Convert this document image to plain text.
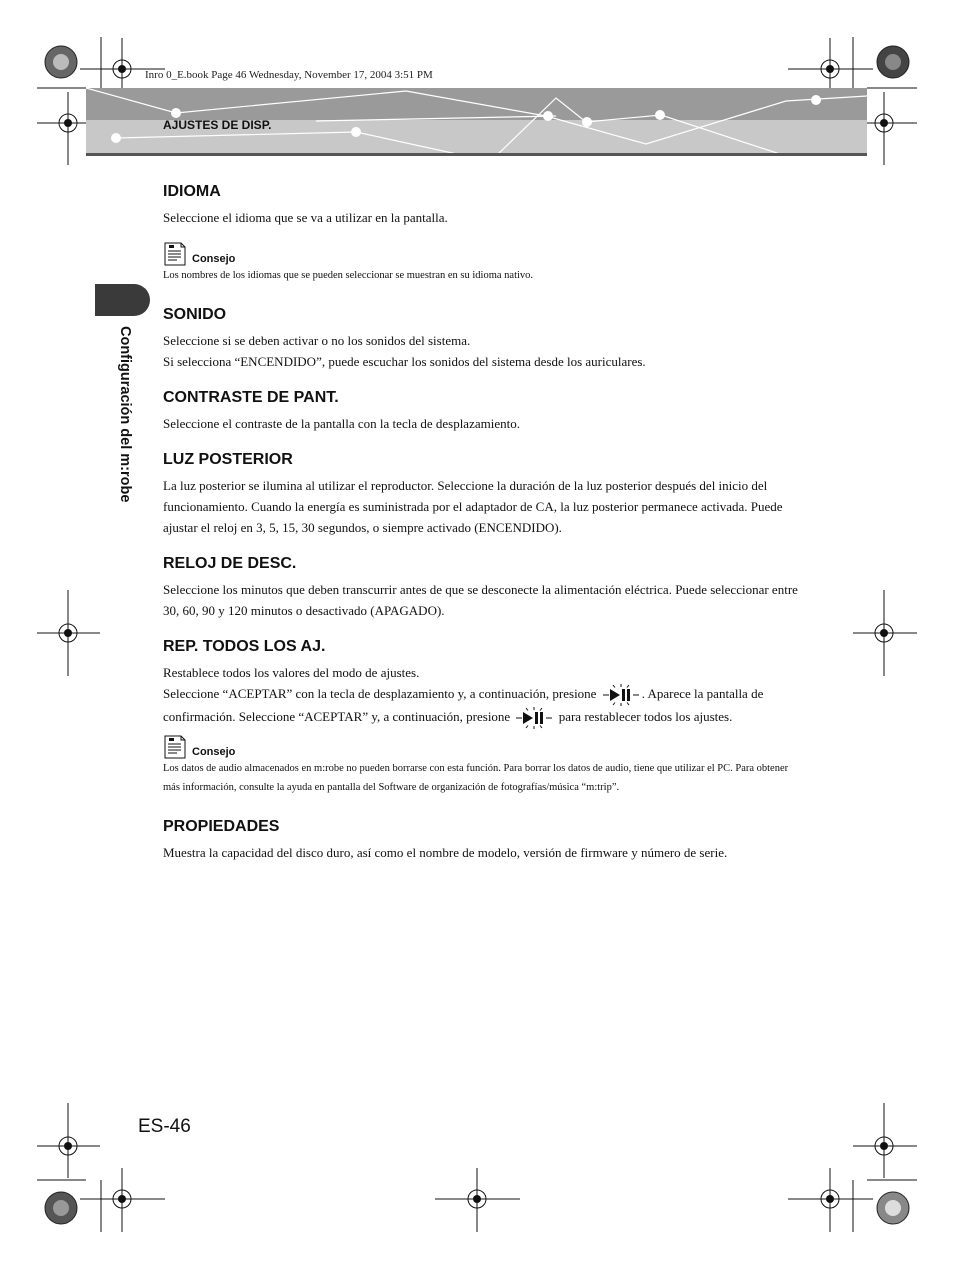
Inro 0_E.book Page 46 Wednesday, November 17, 2004 3:51 PM
AJUSTES DE DISP.
Configuración del m:robe
IDIOMA

Seleccione el idioma que se va a utilizar en la pantalla.

Consejo

Los nombres de los idiomas que se pueden seleccionar se muestran en su idioma nativo.

SONIDO

Seleccione si se deben activar o no los sonidos del sistema.

Si selecciona “ENCENDIDO”, puede escuchar los sonidos del sistema desde los auriculares.

CONTRASTE DE PANT.

Seleccione el contraste de la pantalla con la tecla de desplazamiento.

LUZ POSTERIOR

La luz posterior se ilumina al utilizar el reproductor. Seleccione la duración de la luz posterior después del inicio del funcionamiento. Cuando la energía es suministrada por el adaptador de CA, la luz posterior permanece activada. Puede ajustar el reloj en 3, 5, 15, 30 segundos, o siempre activado (ENCENDIDO).

RELOJ DE DESC.

Seleccione los minutos que deben transcurrir antes de que se desconecte la alimentación eléctrica. Puede seleccionar entre 30, 60, 90 y 120 minutos o desactivado (APAGADO).

REP. TODOS LOS AJ.

Restablece todos los valores del modo de ajustes.

Seleccione “ACEPTAR” con la tecla de desplazamiento y, a continuación, presione	. Aparece la pantalla de confirmación. Seleccione “ACEPTAR” y, a continuación, presione	para restablecer todos los ajustes.

Consejo

Los datos de audio almacenados en m:robe no pueden borrarse con esta función. Para borrar los datos de audio, tiene que utilizar el PC. Para obtener más información, consulte la ayuda en pantalla del Software de organización de fotografías/música “m:trip”.

PROPIEDADES

Muestra la capacidad del disco duro, así como el nombre de modelo, versión de firmware y número de serie.

ES-46
